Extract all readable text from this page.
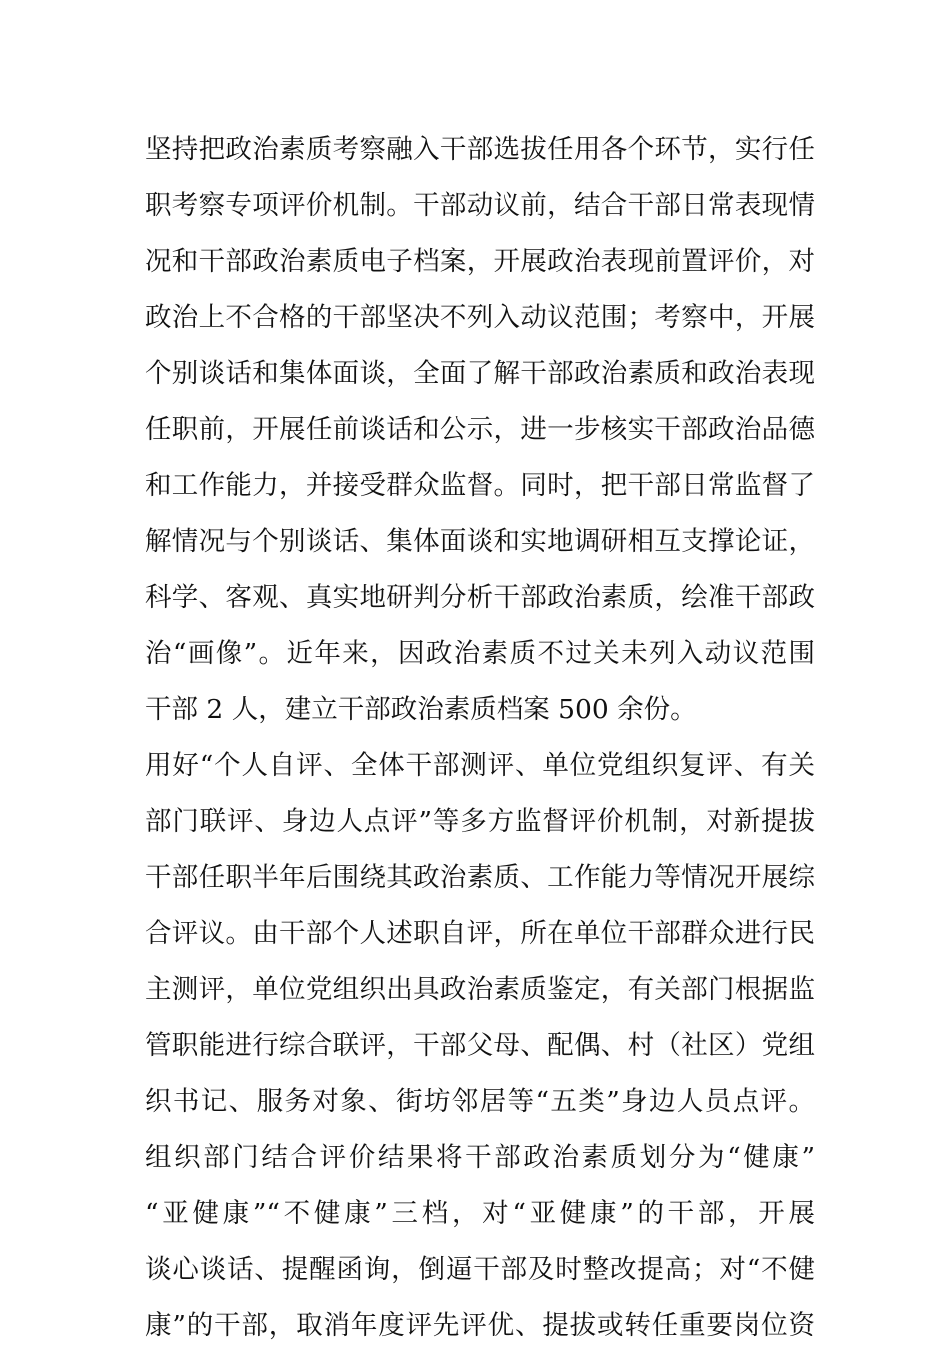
坚持把政治素质考察融入干部选拔任用各个环节，实行任
职考察专项评价机制。干部动议前，结合干部日常表现情
况和干部政治素质电子档案，开展政治表现前置评价，对
政治上不合格的干部坚决不列入动议范围；考察中，开展
个别谈话和集体面谈，全面了解干部政治素质和政治表现
任职前，开展任前谈话和公示，进一步核实干部政治品德
和工作能力，并接受群众监督。同时，把干部日常监督了
解情况与个别谈话、集体面谈和实地调研相互支撑论证，
科学、客观、真实地研判分析干部政治素质，绘准干部政
治“画像”。近年来，因政治素质不过关未列入动议范围
干部 2 人，建立干部政治素质档案 500 余份。
用好“个人自评、全体干部测评、单位党组织复评、有关
部门联评、身边人点评”等多方监督评价机制，对新提拔
干部任职半年后围绕其政治素质、工作能力等情况开展综
合评议。由干部个人述职自评，所在单位干部群众进行民
主测评，单位党组织出具政治素质鉴定，有关部门根据监
管职能进行综合联评，干部父母、配偶、村（社区）党组
织书记、服务对象、街坊邻居等“五类”身边人员点评。
组织部门结合评价结果将干部政治素质划分为“健康”
“亚健康”“不健康”三档，对“亚健康”的干部，开展
谈心谈话、提醒函询，倒逼干部及时整改提高；对“不健
康”的干部，取消年度评先评优、提拔或转任重要岗位资
